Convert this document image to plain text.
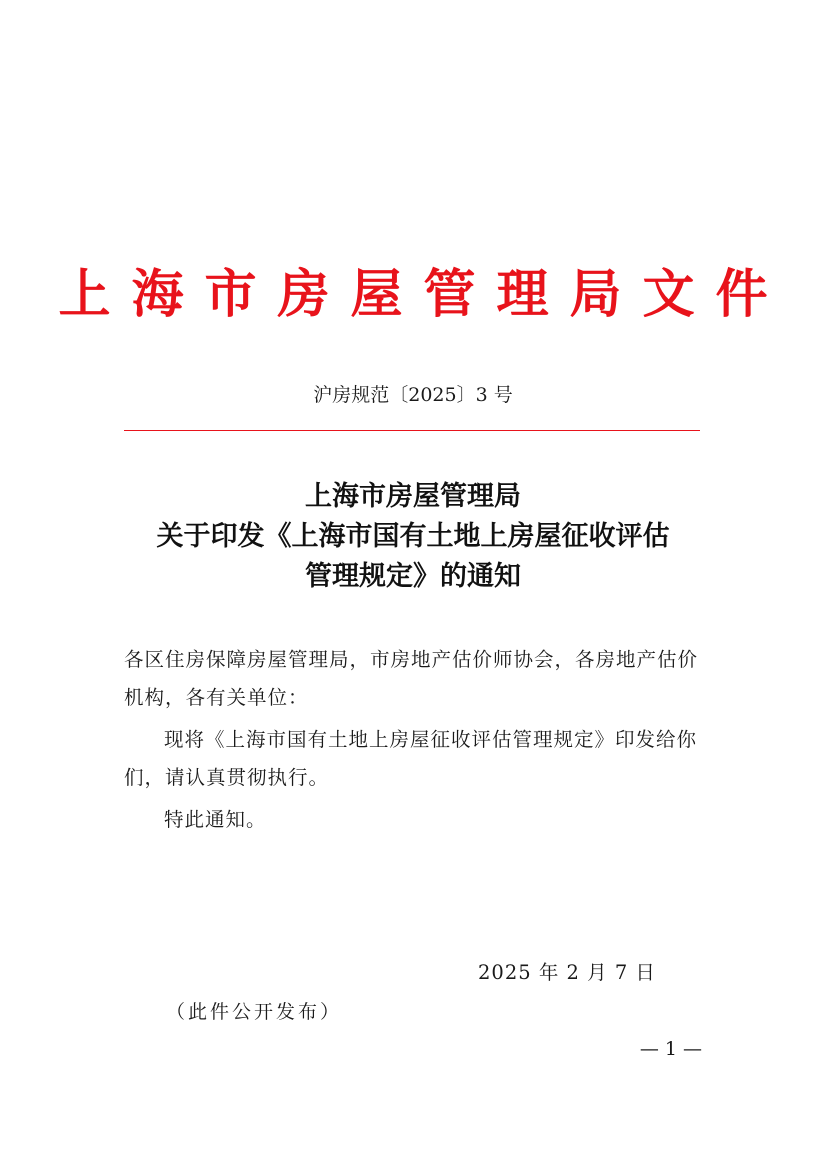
上海市房屋管理局文件
沪房规范〔2025〕3 号
上海市房屋管理局
关于印发《上海市国有土地上房屋征收评估
管理规定》的通知
各区住房保障房屋管理局，市房地产估价师协会，各房地产估价机构，各有关单位：
现将《上海市国有土地上房屋征收评估管理规定》印发给你们，请认真贯彻执行。
特此通知。
2025 年 2 月 7 日
（此件公开发布）
— 1 —
